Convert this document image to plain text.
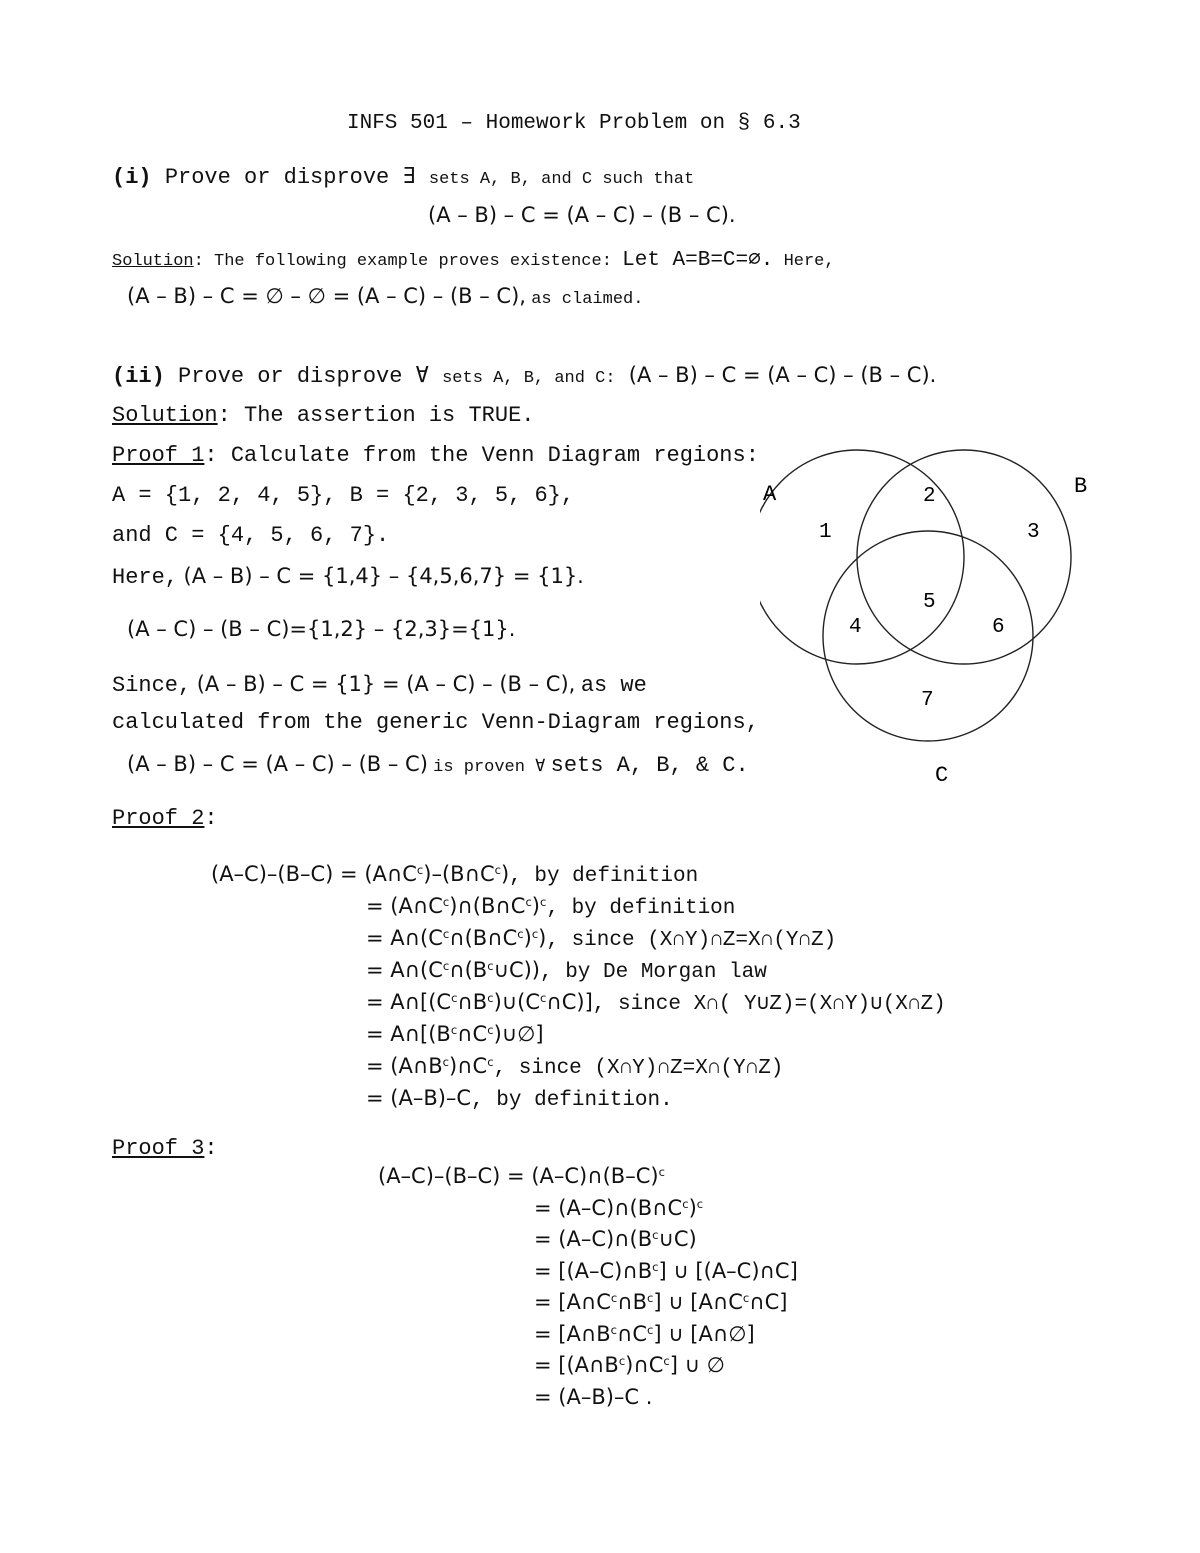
INFS 501 – Homework Problem on § 6.3
(i) Prove or disprove ∃ sets A, B, and C such that
(A – B) – C = (A – C) – (B – C).
Solution: The following example proves existence: Let A=B=C=∅. Here,
(A – B) – C = ∅ – ∅ = (A – C) – (B – C), as claimed.
(ii) Prove or disprove ∀ sets A, B, and C: (A – B) – C = (A – C) – (B – C).
Solution: The assertion is TRUE.
Proof 1: Calculate from the Venn Diagram regions:
A = {1, 2, 4, 5}, B = {2, 3, 5, 6},
and C = {4, 5, 6, 7}.
Here, (A – B) – C = {1,4} – {4,5,6,7} = {1}.
(A – C) – (B – C)={1,2} – {2,3}={1}.
Since, (A – B) – C = {1} = (A – C) – (B – C), as we
calculated from the generic Venn-Diagram regions,
(A – B) – C = (A – C) – (B – C) is proven ∀ sets A, B, & C.
A	B
C
1
2
3
4
5
6
7
Proof 2:
$(A-C)-(B-C) = (A\cap C^c)-(B\cap C^c)$, by definition
= $(A\cap C^c)\cap(B\cap C^c)^c$, by definition
= $A\cap(C^c\cap(B\cap C^c)^c)$, since (X∩Y)∩Z=X∩(Y∩Z)
= $A\cap(C^c\cap(B^c\cup C))$, by De Morgan law
= $A\cap[(C^c\cap B^c)\cup(C^c\cap C)]$, since X∩( Y∪Z)=(X∩Y)∪(X∩Z)
= $A\cap[(B^c\cap C^c)\cup\emptyset]$
= $(A\cap B^c)\cap C^c$, since (X∩Y)∩Z=X∩(Y∩Z)
= (A–B)–C, by definition.
Proof 3:
$(A-C)-(B-C) = (A-C)\cap(B-C)^c$
= $(A-C)\cap(B\cap C^c)^c$
= $(A-C)\cap(B^c\cup C)$
= $[(A-C)\cap B^c]$ ∪ [(A–C)∩C]
= $[A\cap C^c\cap B^c]$ ∪ $[A\cap C^c\cap C]$
= $[A\cap B^c\cap C^c]$ ∪ [A∩∅]
= $[(A\cap B^c)\cap C^c]$ ∪ ∅
= (A–B)–C .
